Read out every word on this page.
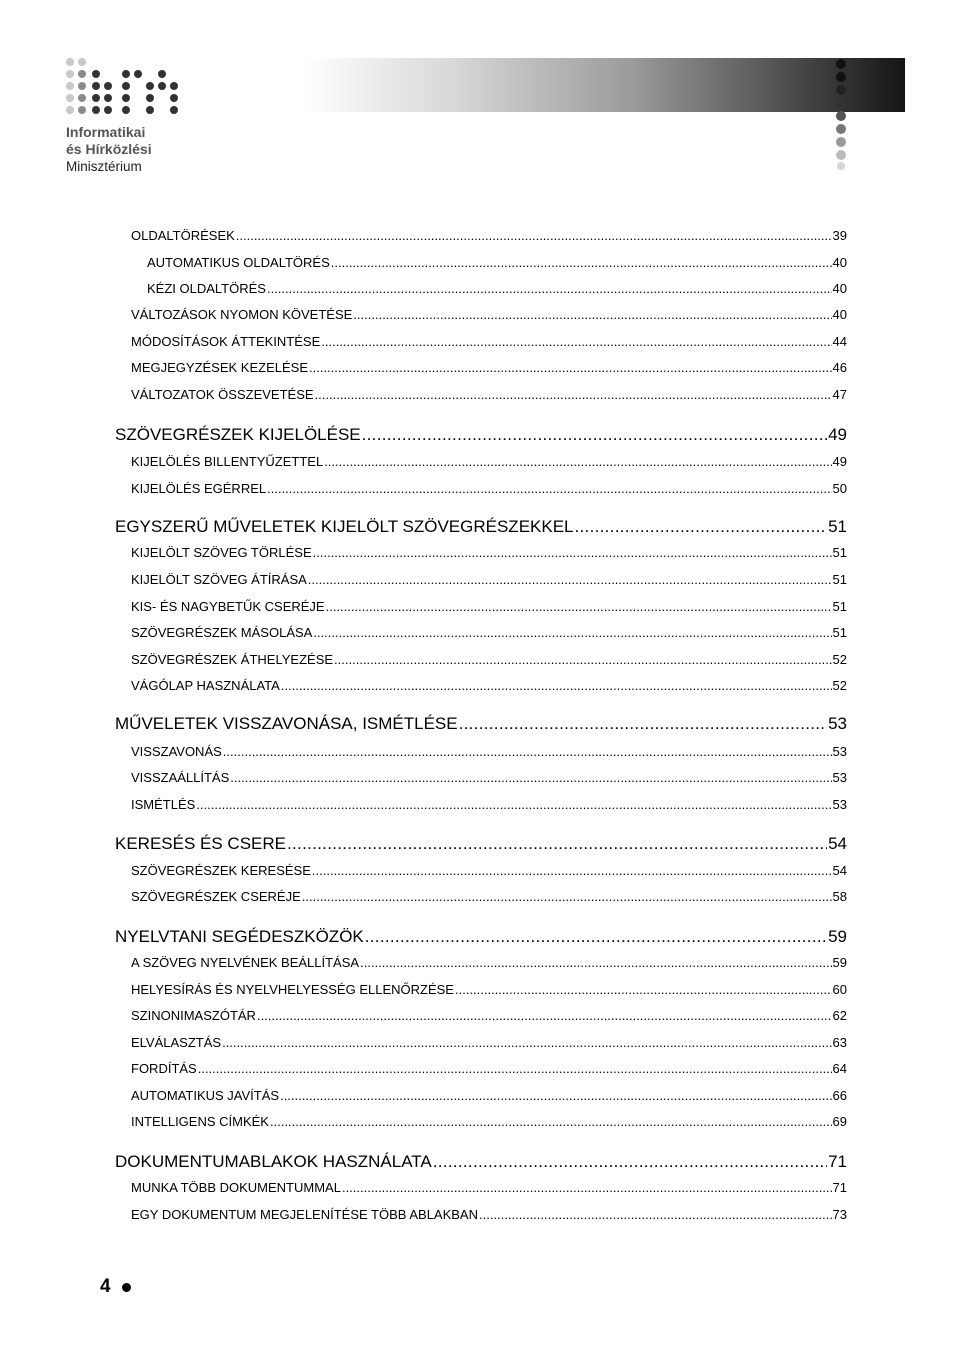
Informatikai
és Hírközlési
Minisztérium
OLDALTÖRÉSEK .....	39
AUTOMATIKUS OLDALTÖRÉS .....	40
KÉZI OLDALTÖRÉS .....	40
VÁLTOZÁSOK NYOMON KÖVETÉSE .....	40
MÓDOSÍTÁSOK ÁTTEKINTÉSE .....	44
MEGJEGYZÉSEK KEZELÉSE .....	46
VÁLTOZATOK ÖSSZEVETÉSE .....	47
SZÖVEGRÉSZEK KIJELÖLÉSE .....	49
KIJELÖLÉS BILLENTYŰZETTEL .....	49
KIJELÖLÉS EGÉRREL .....	50
EGYSZERŰ MŰVELETEK KIJELÖLT SZÖVEGRÉSZEKKEL .....	51
KIJELÖLT SZÖVEG TÖRLÉSE .....	51
KIJELÖLT SZÖVEG ÁTÍRÁSA .....	51
KIS- ÉS NAGYBETŰK CSERÉJE .....	51
SZÖVEGRÉSZEK MÁSOLÁSA .....	51
SZÖVEGRÉSZEK ÁTHELYEZÉSE .....	52
VÁGÓLAP HASZNÁLATA .....	52
MŰVELETEK VISSZAVONÁSA, ISMÉTLÉSE .....	53
VISSZAVONÁS .....	53
VISSZAÁLLÍTÁS .....	53
ISMÉTLÉS .....	53
KERESÉS ÉS CSERE .....	54
SZÖVEGRÉSZEK KERESÉSE .....	54
SZÖVEGRÉSZEK CSERÉJE .....	58
NYELVTANI SEGÉDESZKÖZÖK .....	59
A SZÖVEG NYELVÉNEK BEÁLLÍTÁSA .....	59
HELYESÍRÁS ÉS NYELVHELYESSÉG ELLENŐRZÉSE .....	60
SZINONIMASZÓTÁR .....	62
ELVÁLASZTÁS .....	63
FORDÍTÁS .....	64
AUTOMATIKUS JAVÍTÁS .....	66
INTELLIGENS CÍMKÉK .....	69
DOKUMENTUMABLAKOK HASZNÁLATA .....	71
MUNKA TÖBB DOKUMENTUMMAL .....	71
EGY DOKUMENTUM MEGJELENÍTÉSE TÖBB ABLAKBAN .....	73
4
